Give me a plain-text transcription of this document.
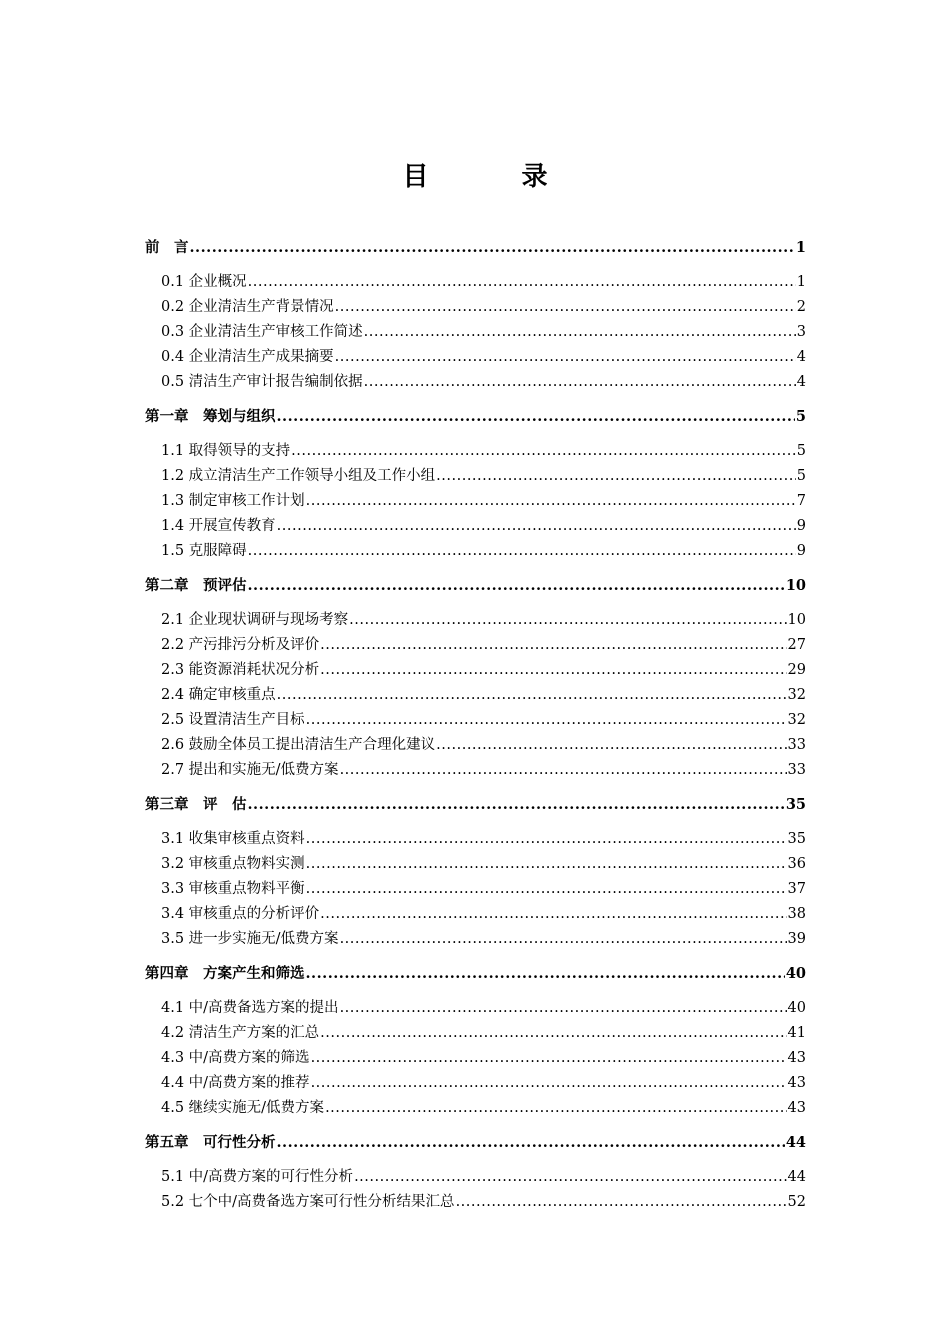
目 录
前　言 .....	1
0.1 企业概况 .....	1
0.2 企业清洁生产背景情况 .....	2
0.3 企业清洁生产审核工作简述 .....	3
0.4 企业清洁生产成果摘要 .....	4
0.5 清洁生产审计报告编制依据 .....	4
第一章　筹划与组织 .....	5
1.1 取得领导的支持 .....	5
1.2 成立清洁生产工作领导小组及工作小组 .....	5
1.3 制定审核工作计划 .....	7
1.4 开展宣传教育 .....	9
1.5 克服障碍 .....	9
第二章　预评估 .....	10
2.1 企业现状调研与现场考察 .....	10
2.2 产污排污分析及评价 .....	27
2.3 能资源消耗状况分析 .....	29
2.4 确定审核重点 .....	32
2.5 设置清洁生产目标 .....	32
2.6 鼓励全体员工提出清洁生产合理化建议 .....	33
2.7 提出和实施无/低费方案 .....	33
第三章　评　估 .....	35
3.1 收集审核重点资料 .....	35
3.2 审核重点物料实测 .....	36
3.3 审核重点物料平衡 .....	37
3.4 审核重点的分析评价 .....	38
3.5 进一步实施无/低费方案 .....	39
第四章　方案产生和筛选 .....	40
4.1 中/高费备选方案的提出 .....	40
4.2 清洁生产方案的汇总 .....	41
4.3 中/高费方案的筛选 .....	43
4.4 中/高费方案的推荐 .....	43
4.5 继续实施无/低费方案 .....	43
第五章　可行性分析 .....	44
5.1 中/高费方案的可行性分析 .....	44
5.2 七个中/高费备选方案可行性分析结果汇总 .....	52
